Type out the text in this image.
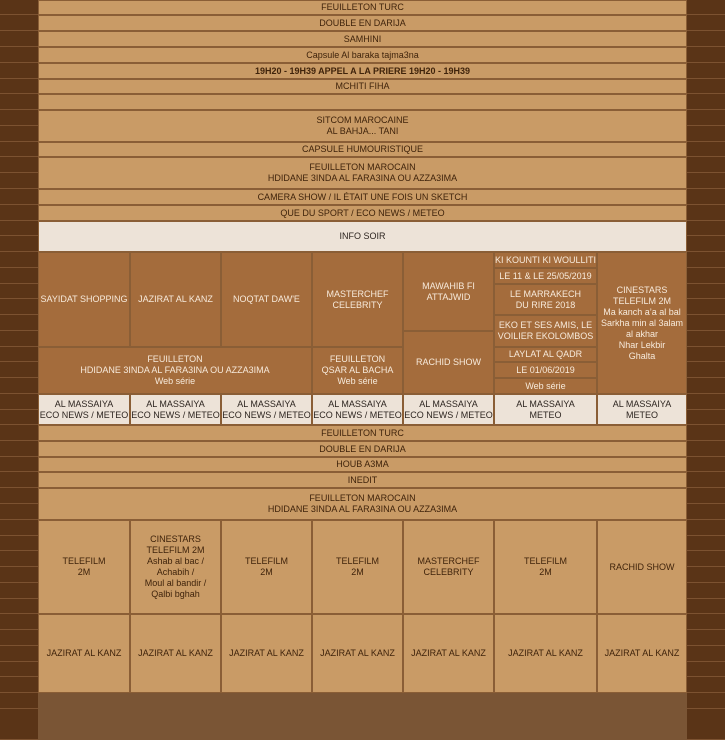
FEUILLETON TURC
DOUBLE EN DARIJA
SAMHINI
Capsule Al baraka tajma3na
19H20 - 19H39 APPEL A LA PRIERE 19H20 - 19H39
MCHITI FIHA
SITCOM MAROCAINE
AL BAHJA... TANI
CAPSULE HUMOURISTIQUE
FEUILLETON MAROCAIN
HDIDANE 3INDA AL FARA3INA OU AZZA3IMA
CAMERA SHOW / IL ÉTAIT UNE FOIS UN SKETCH
QUE DU SPORT / ECO NEWS / METEO
INFO SOIR
SAYIDAT SHOPPING JAZIRAT AL KANZ NOQTAT DAW'E
MASTERCHEF
CELEBRITY
MAWAHIB FI
ATTAJWID
KI KOUNTI KI WOULLITI
LE 11 & LE 25/05/2019
LE MARRAKECH
DU RIRE 2018
EKO ET SES AMIS, LE
VOILIER EKOLOMBOS
LAYLAT AL QADR
LE 01/06/2019
Web série
CINESTARS
TELEFILM 2M
Ma kanch a’a al bal
Sarkha min al 3alam
al akhar
Nhar Lekbir
Ghalta
FEUILLETON
HDIDANE 3INDA AL FARA3INA OU AZZA3IMA
Web série
FEUILLETON
QSAR AL BACHA
Web série
RACHID SHOW
AL MASSAIYA
ECO NEWS / METEO
AL MASSAIYA
ECO NEWS / METEO
AL MASSAIYA
ECO NEWS / METEO
AL MASSAIYA
ECO NEWS / METEO
AL MASSAIYA
ECO NEWS / METEO
AL MASSAIYA
METEO
AL MASSAIYA
METEO
FEUILLETON TURC
DOUBLE EN DARIJA
HOUB A3MA
INEDIT
FEUILLETON MAROCAIN
HDIDANE 3INDA AL FARA3INA OU AZZA3IMA
TELEFILM
2M
CINESTARS
TELEFILM 2M
Ashab al bac /
Achabih /
Moul al bandir /
Qalbi bghah
TELEFILM
2M
TELEFILM
2M
MASTERCHEF
CELEBRITY
TELEFILM
2M
RACHID SHOW
JAZIRAT AL KANZ JAZIRAT AL KANZ JAZIRAT AL KANZ JAZIRAT AL KANZ JAZIRAT AL KANZ JAZIRAT AL KANZ JAZIRAT AL KANZ
